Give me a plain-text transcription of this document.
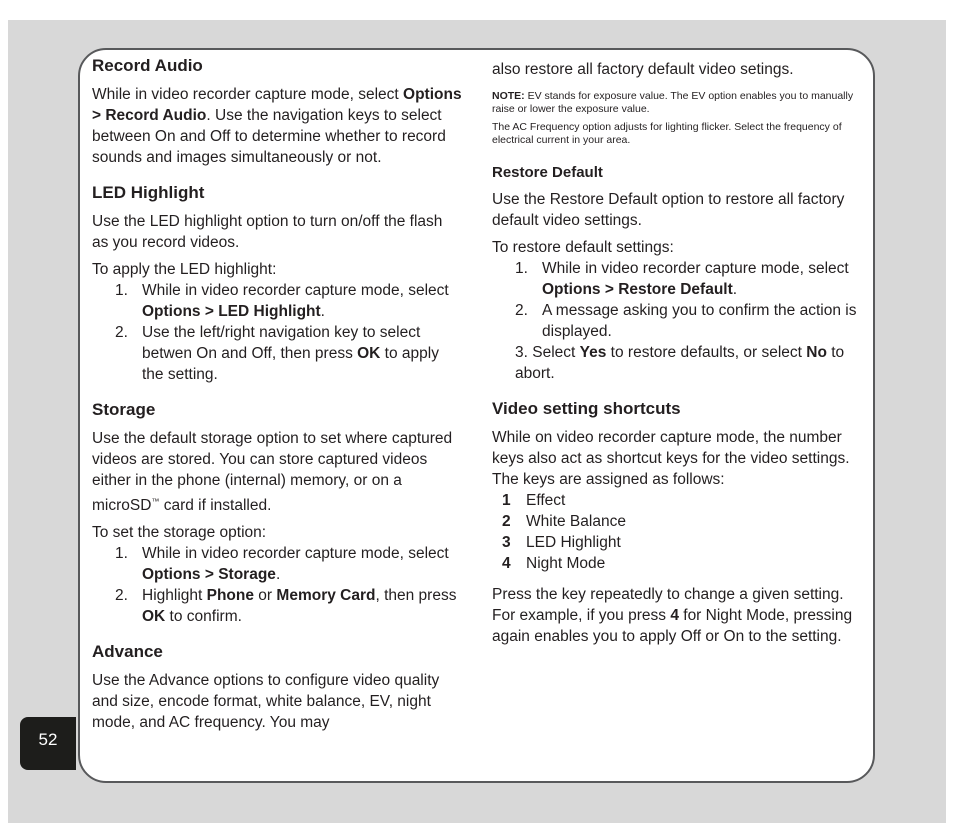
52
Record Audio

While in video recorder capture mode, select Options > Record Audio. Use the navigation keys to select between On and Off to determine whether to record sounds and images simultaneously or not.

LED Highlight

Use the LED highlight option to turn on/off the flash as you record videos.

To apply the LED highlight:

1. While in video recorder capture mode, select Options > LED Highlight.
2. Use the left/right navigation key to select betwen On and Off, then press OK to apply the setting.
Storage

Use the default storage option to set where captured videos are stored. You can store captured videos either in the phone (internal) memory, or on a microSD™ card if installed.

To set the storage option:

1. While in video recorder capture mode, select Options > Storage.
2. Highlight Phone or Memory Card, then press OK to confirm.
Advance

Use the Advance options to configure video quality and size, encode format, white balance, EV, night mode, and AC frequency. You may

also restore all factory default video setings.

NOTE: EV stands for exposure value. The EV option enables you to manually raise or lower the exposure value.

The AC Frequency option adjusts for lighting flicker. Select the frequency of electrical current in your area.

Restore Default

Use the Restore Default option to restore all factory default video settings.

To restore default settings:

1. While in video recorder capture mode, select Options > Restore Default.
2. A message asking you to confirm the action is displayed.
3. Select Yes to restore defaults, or select No to abort.
Video setting shortcuts

While on video recorder capture mode, the number keys also act as shortcut keys for the video settings. The keys are assigned as follows:

1 Effect
2 White Balance
3 LED Highlight
4 Night Mode

Press the key repeatedly to change a given setting. For example, if you press 4 for Night Mode, pressing again enables you to apply Off or On to the setting.
